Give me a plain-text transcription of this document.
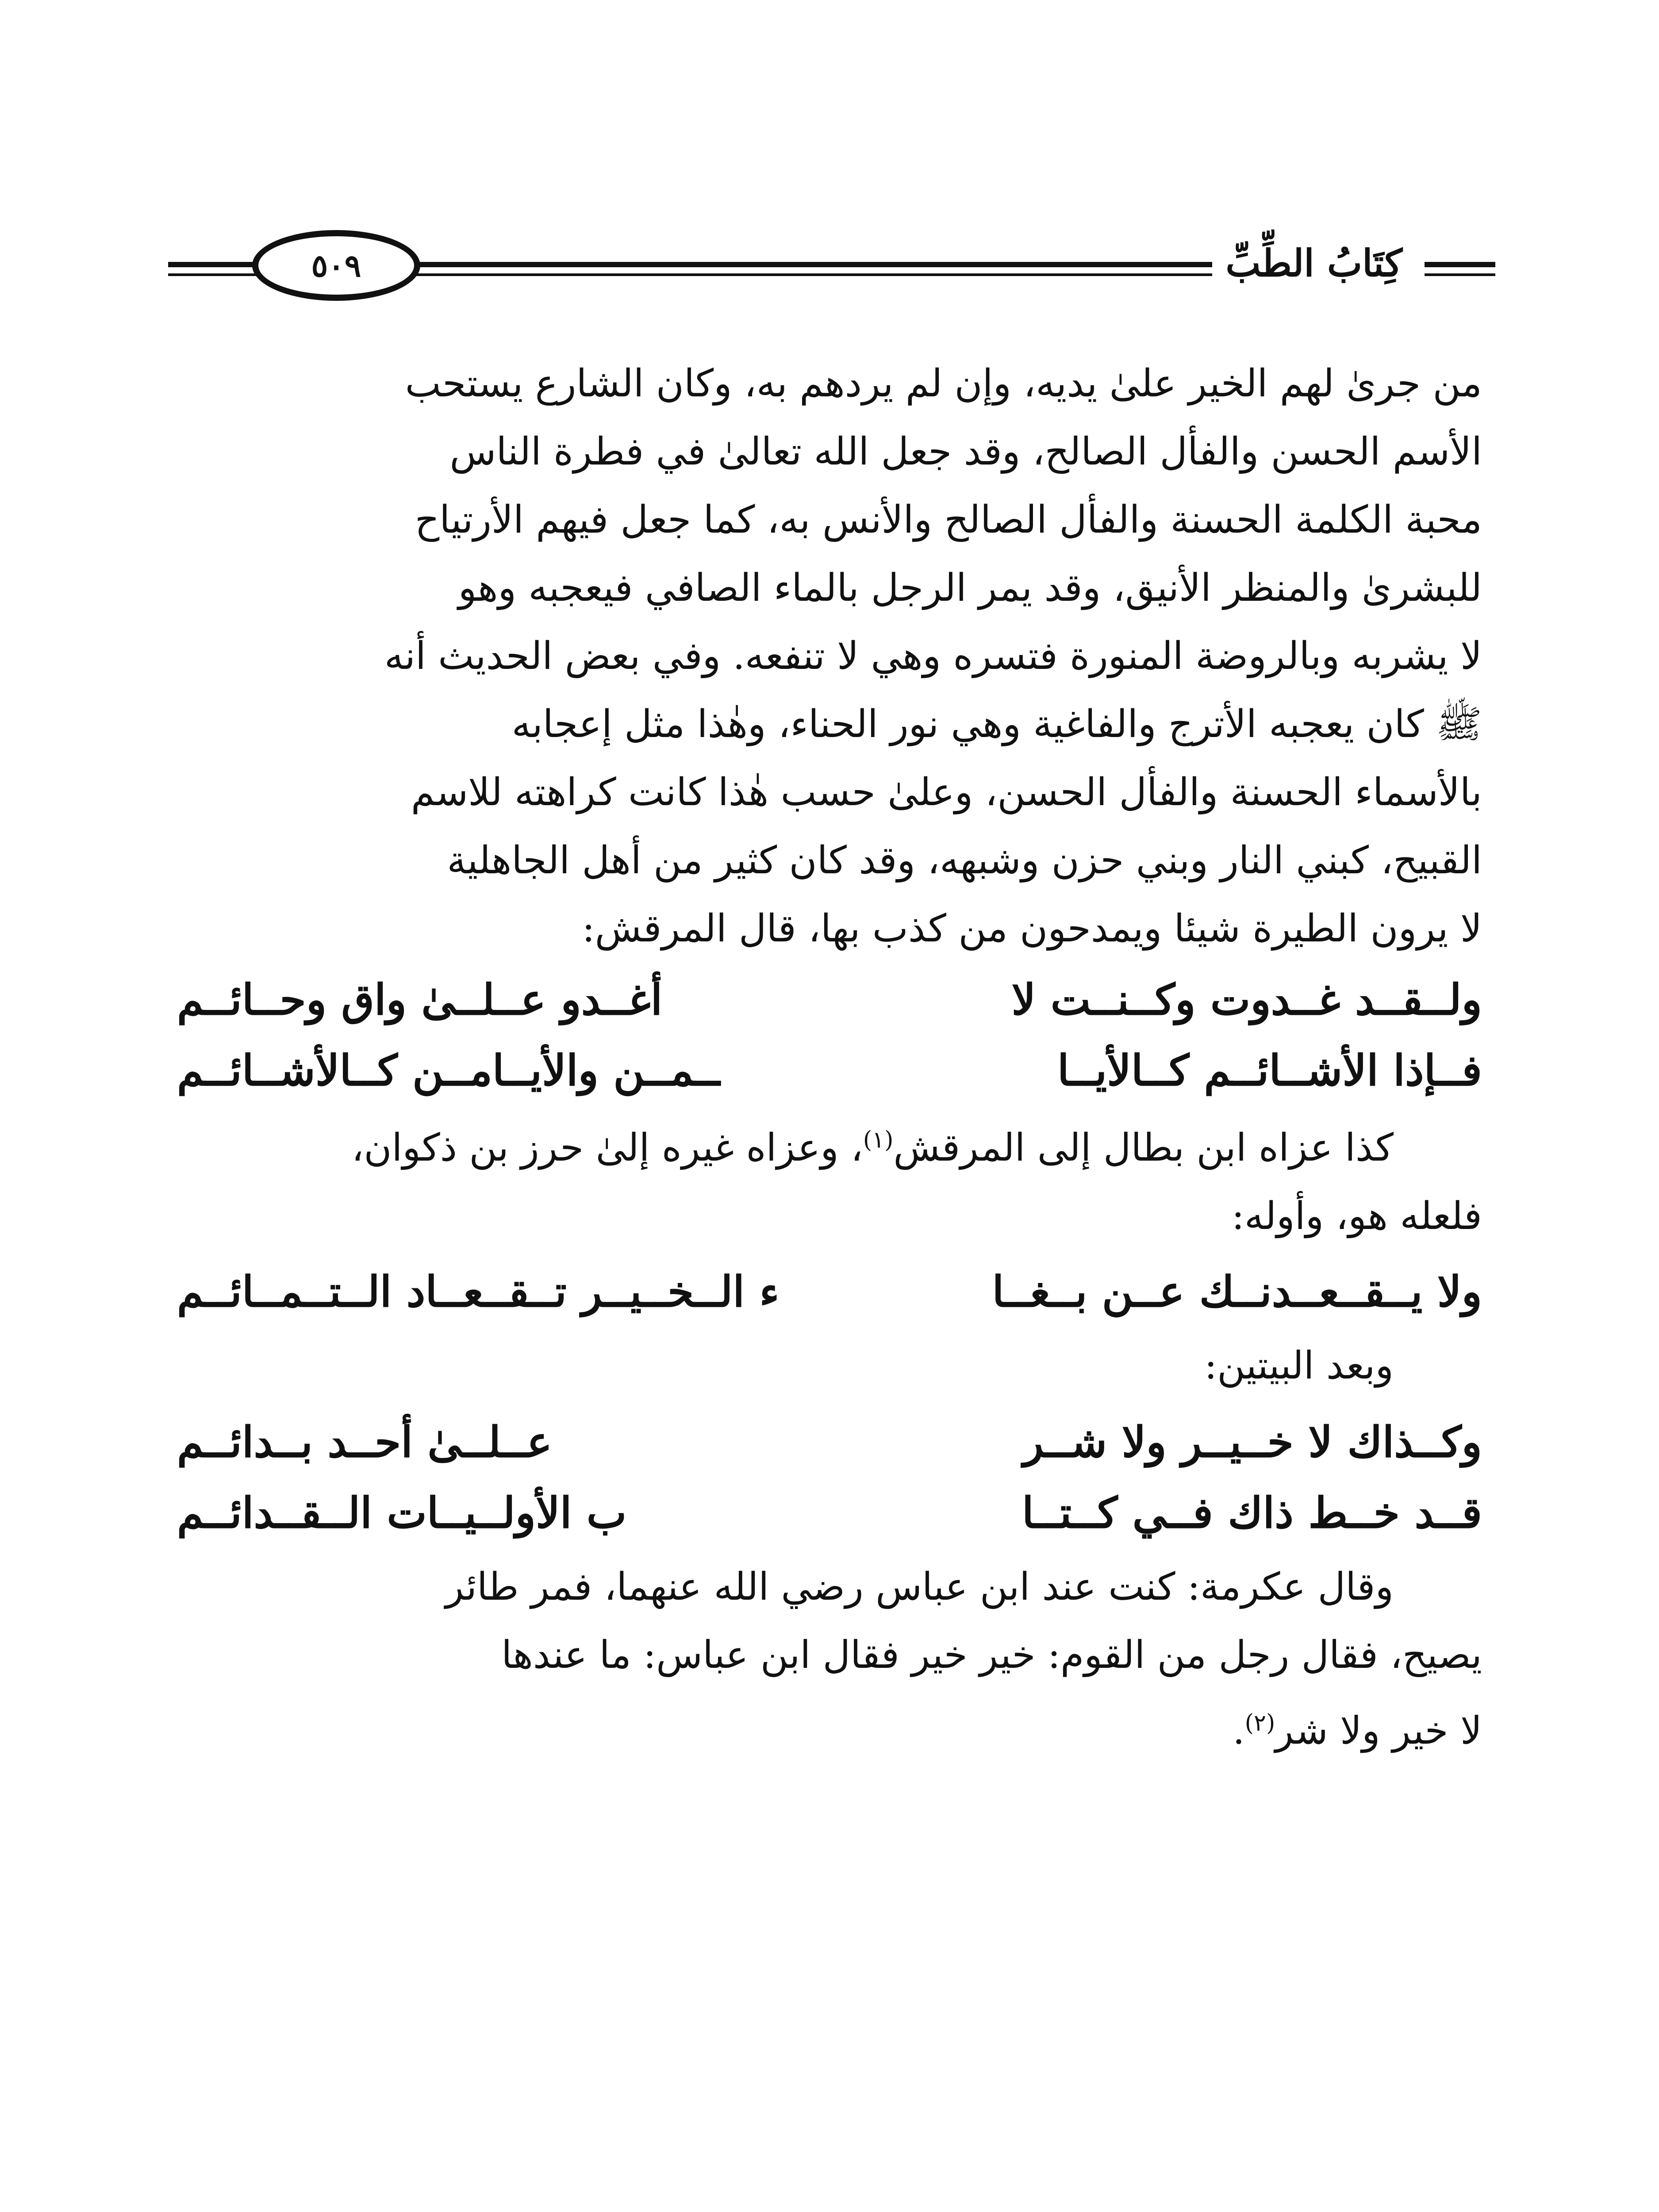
٥٠٩	كِتَابُ الطِّبِّ

من جرىٰ لهم الخير علىٰ يديه، وإن لم يردهم به، وكان الشارع يستحب

الأسم الحسن والفأل الصالح، وقد جعل الله تعالىٰ في فطرة الناس

محبة الكلمة الحسنة والفأل الصالح والأنس به، كما جعل فيهم الأرتياح

للبشرىٰ والمنظر الأنيق، وقد يمر الرجل بالماء الصافي فيعجبه وهو

لا يشربه وبالروضة المنورة فتسره وهي لا تنفعه. وفي بعض الحديث أنه

ﷺ كان يعجبه الأترج والفاغية وهي نور الحناء، وهٰذا مثل إعجابه

بالأسماء الحسنة والفأل الحسن، وعلىٰ حسب هٰذا كانت كراهته للاسم

القبيح، كبني النار وبني حزن وشبهه، وقد كان كثير من أهل الجاهلية

لا يرون الطيرة شيئا ويمدحون من كذب بها، قال المرقش:

ولــقــد غــدوت وكــنــت لا
أغــدو عــلــىٰ واق وحــائــم
فــإذا الأشــائــم كــالأيــا
ــمــن والأيــامــن كــالأشــائــم

كذا عزاه ابن بطال إلى المرقش$^{(١)}$، وعزاه غيره إلىٰ حرز بن ذكوان،

فلعله هو، وأوله:

ولا يــقــعــدنــك عــن بــغــا
ء الــخــيــر تــقــعــاد الــتــمــائــم
وبعد البيتين:
وكــذاك لا خــيــر ولا شــر
عــلــىٰ أحــد بــدائــم
قــد خــط ذاك فــي كــتــا
ب الأولــيــات الــقــدائــم

وقال عكرمة: كنت عند ابن عباس رضي الله عنهما، فمر طائر

يصيح، فقال رجل من القوم: خير خير فقال ابن عباس: ما عندها

لا خير ولا شر$^{(٢)}$.
